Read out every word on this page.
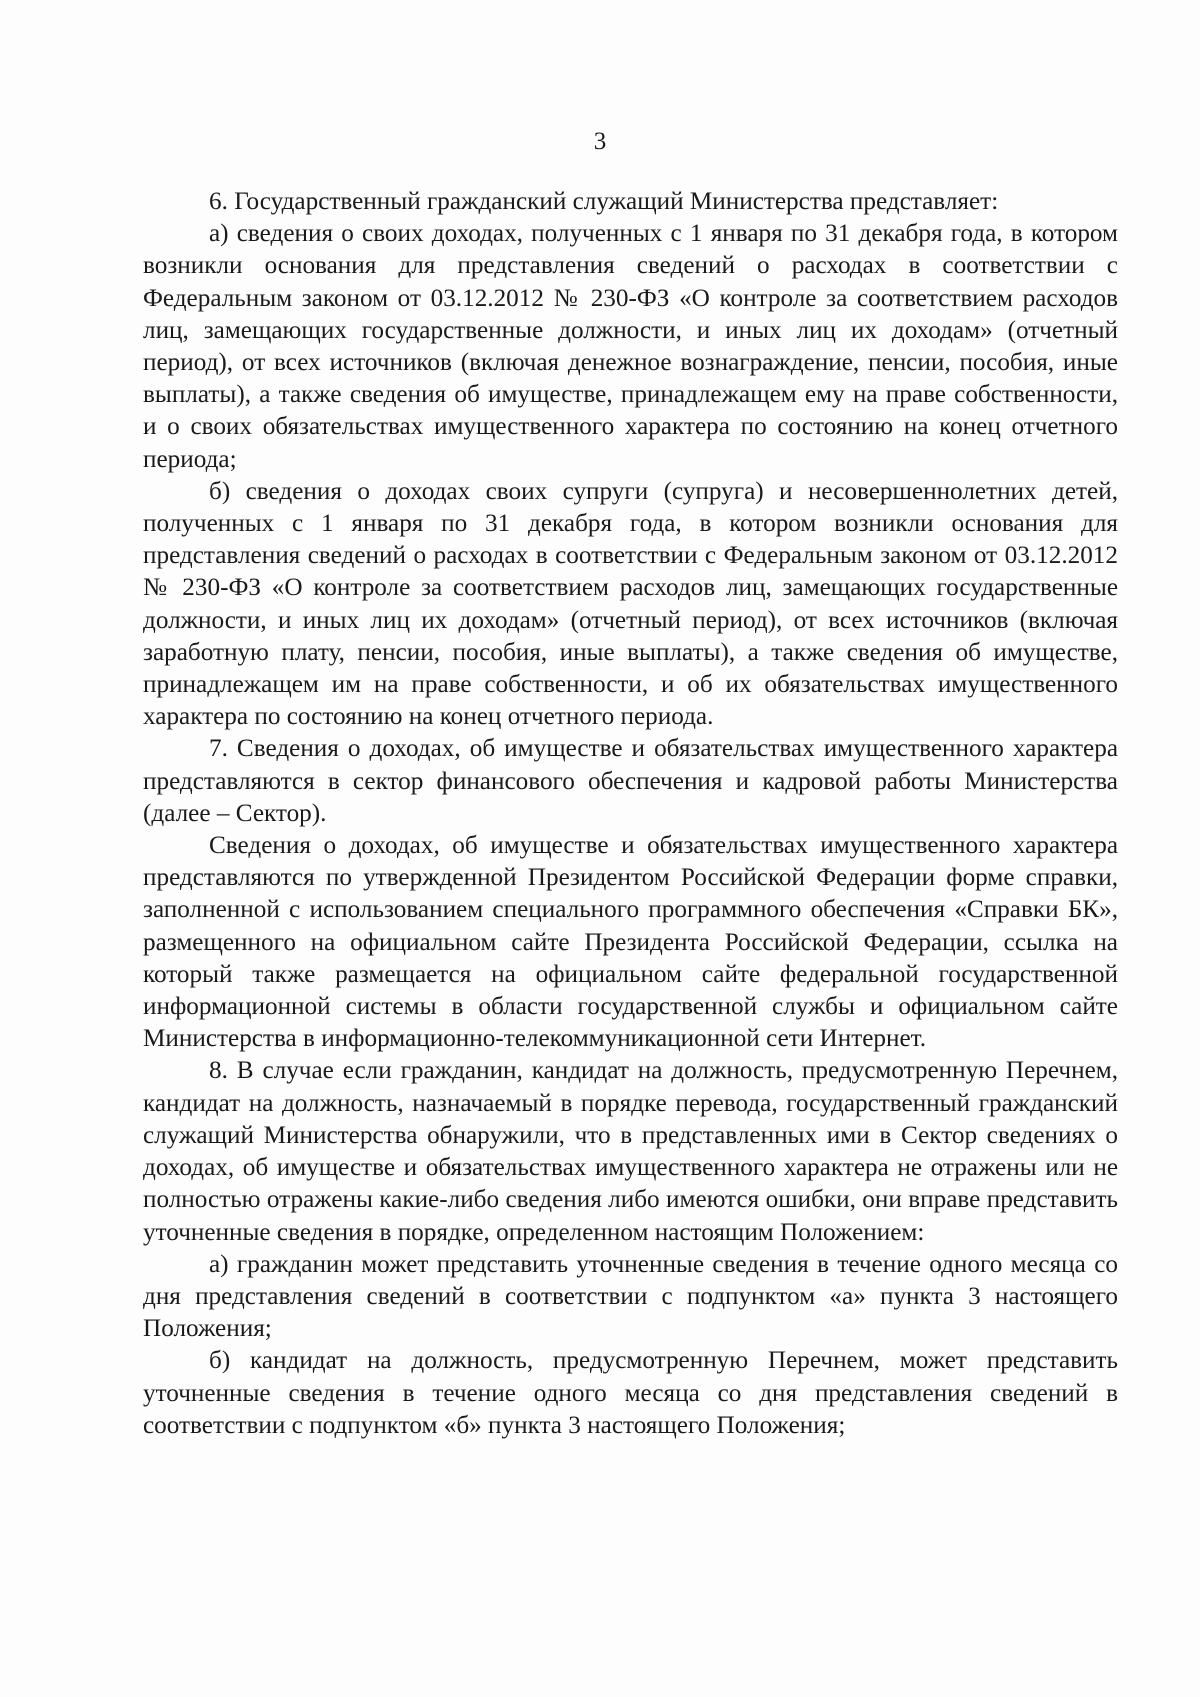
3

6. Государственный гражданский служащий Министерства представляет:

а) сведения о своих доходах, полученных с 1 января по 31 декабря года, в котором возникли основания для представления сведений о расходах в соответствии с Федеральным законом от 03.12.2012 № 230-ФЗ «О контроле за соответствием расходов лиц, замещающих государственные должности, и иных лиц их доходам» (отчетный период), от всех источников (включая денежное вознаграждение, пенсии, пособия, иные выплаты), а также сведения об имуществе, принадлежащем ему на праве собственности, и о своих обязательствах имущественного характера по состоянию на конец отчетного периода;

б) сведения о доходах своих супруги (супруга) и несовершеннолетних детей, полученных с 1 января по 31 декабря года, в котором возникли основания для представления сведений о расходах в соответствии с Федеральным законом от 03.12.2012 № 230-ФЗ «О контроле за соответствием расходов лиц, замещающих государственные должности, и иных лиц их доходам» (отчетный период), от всех источников (включая заработную плату, пенсии, пособия, иные выплаты), а также сведения об имуществе, принадлежащем им на праве собственности, и об их обязательствах имущественного характера по состоянию на конец отчетного периода.

7. Сведения о доходах, об имуществе и обязательствах имущественного характера представляются в сектор финансового обеспечения и кадровой работы Министерства (далее – Сектор).

Сведения о доходах, об имуществе и обязательствах имущественного характера представляются по утвержденной Президентом Российской Федерации форме справки, заполненной с использованием специального программного обеспечения «Справки БК», размещенного на официальном сайте Президента Российской Федерации, ссылка на который также размещается на официальном сайте федеральной государственной информационной системы в области государственной службы и официальном сайте Министерства в информационно-телекоммуникационной сети Интернет.

8. В случае если гражданин, кандидат на должность, предусмотренную Перечнем, кандидат на должность, назначаемый в порядке перевода, государственный гражданский служащий Министерства обнаружили, что в представленных ими в Сектор сведениях о доходах, об имуществе и обязательствах имущественного характера не отражены или не полностью отражены какие-либо сведения либо имеются ошибки, они вправе представить уточненные сведения в порядке, определенном настоящим Положением:

а) гражданин может представить уточненные сведения в течение одного месяца со дня представления сведений в соответствии с подпунктом «а» пункта 3 настоящего Положения;

б) кандидат на должность, предусмотренную Перечнем, может представить уточненные сведения в течение одного месяца со дня представления сведений в соответствии с подпунктом «б» пункта 3 настоящего Положения;
